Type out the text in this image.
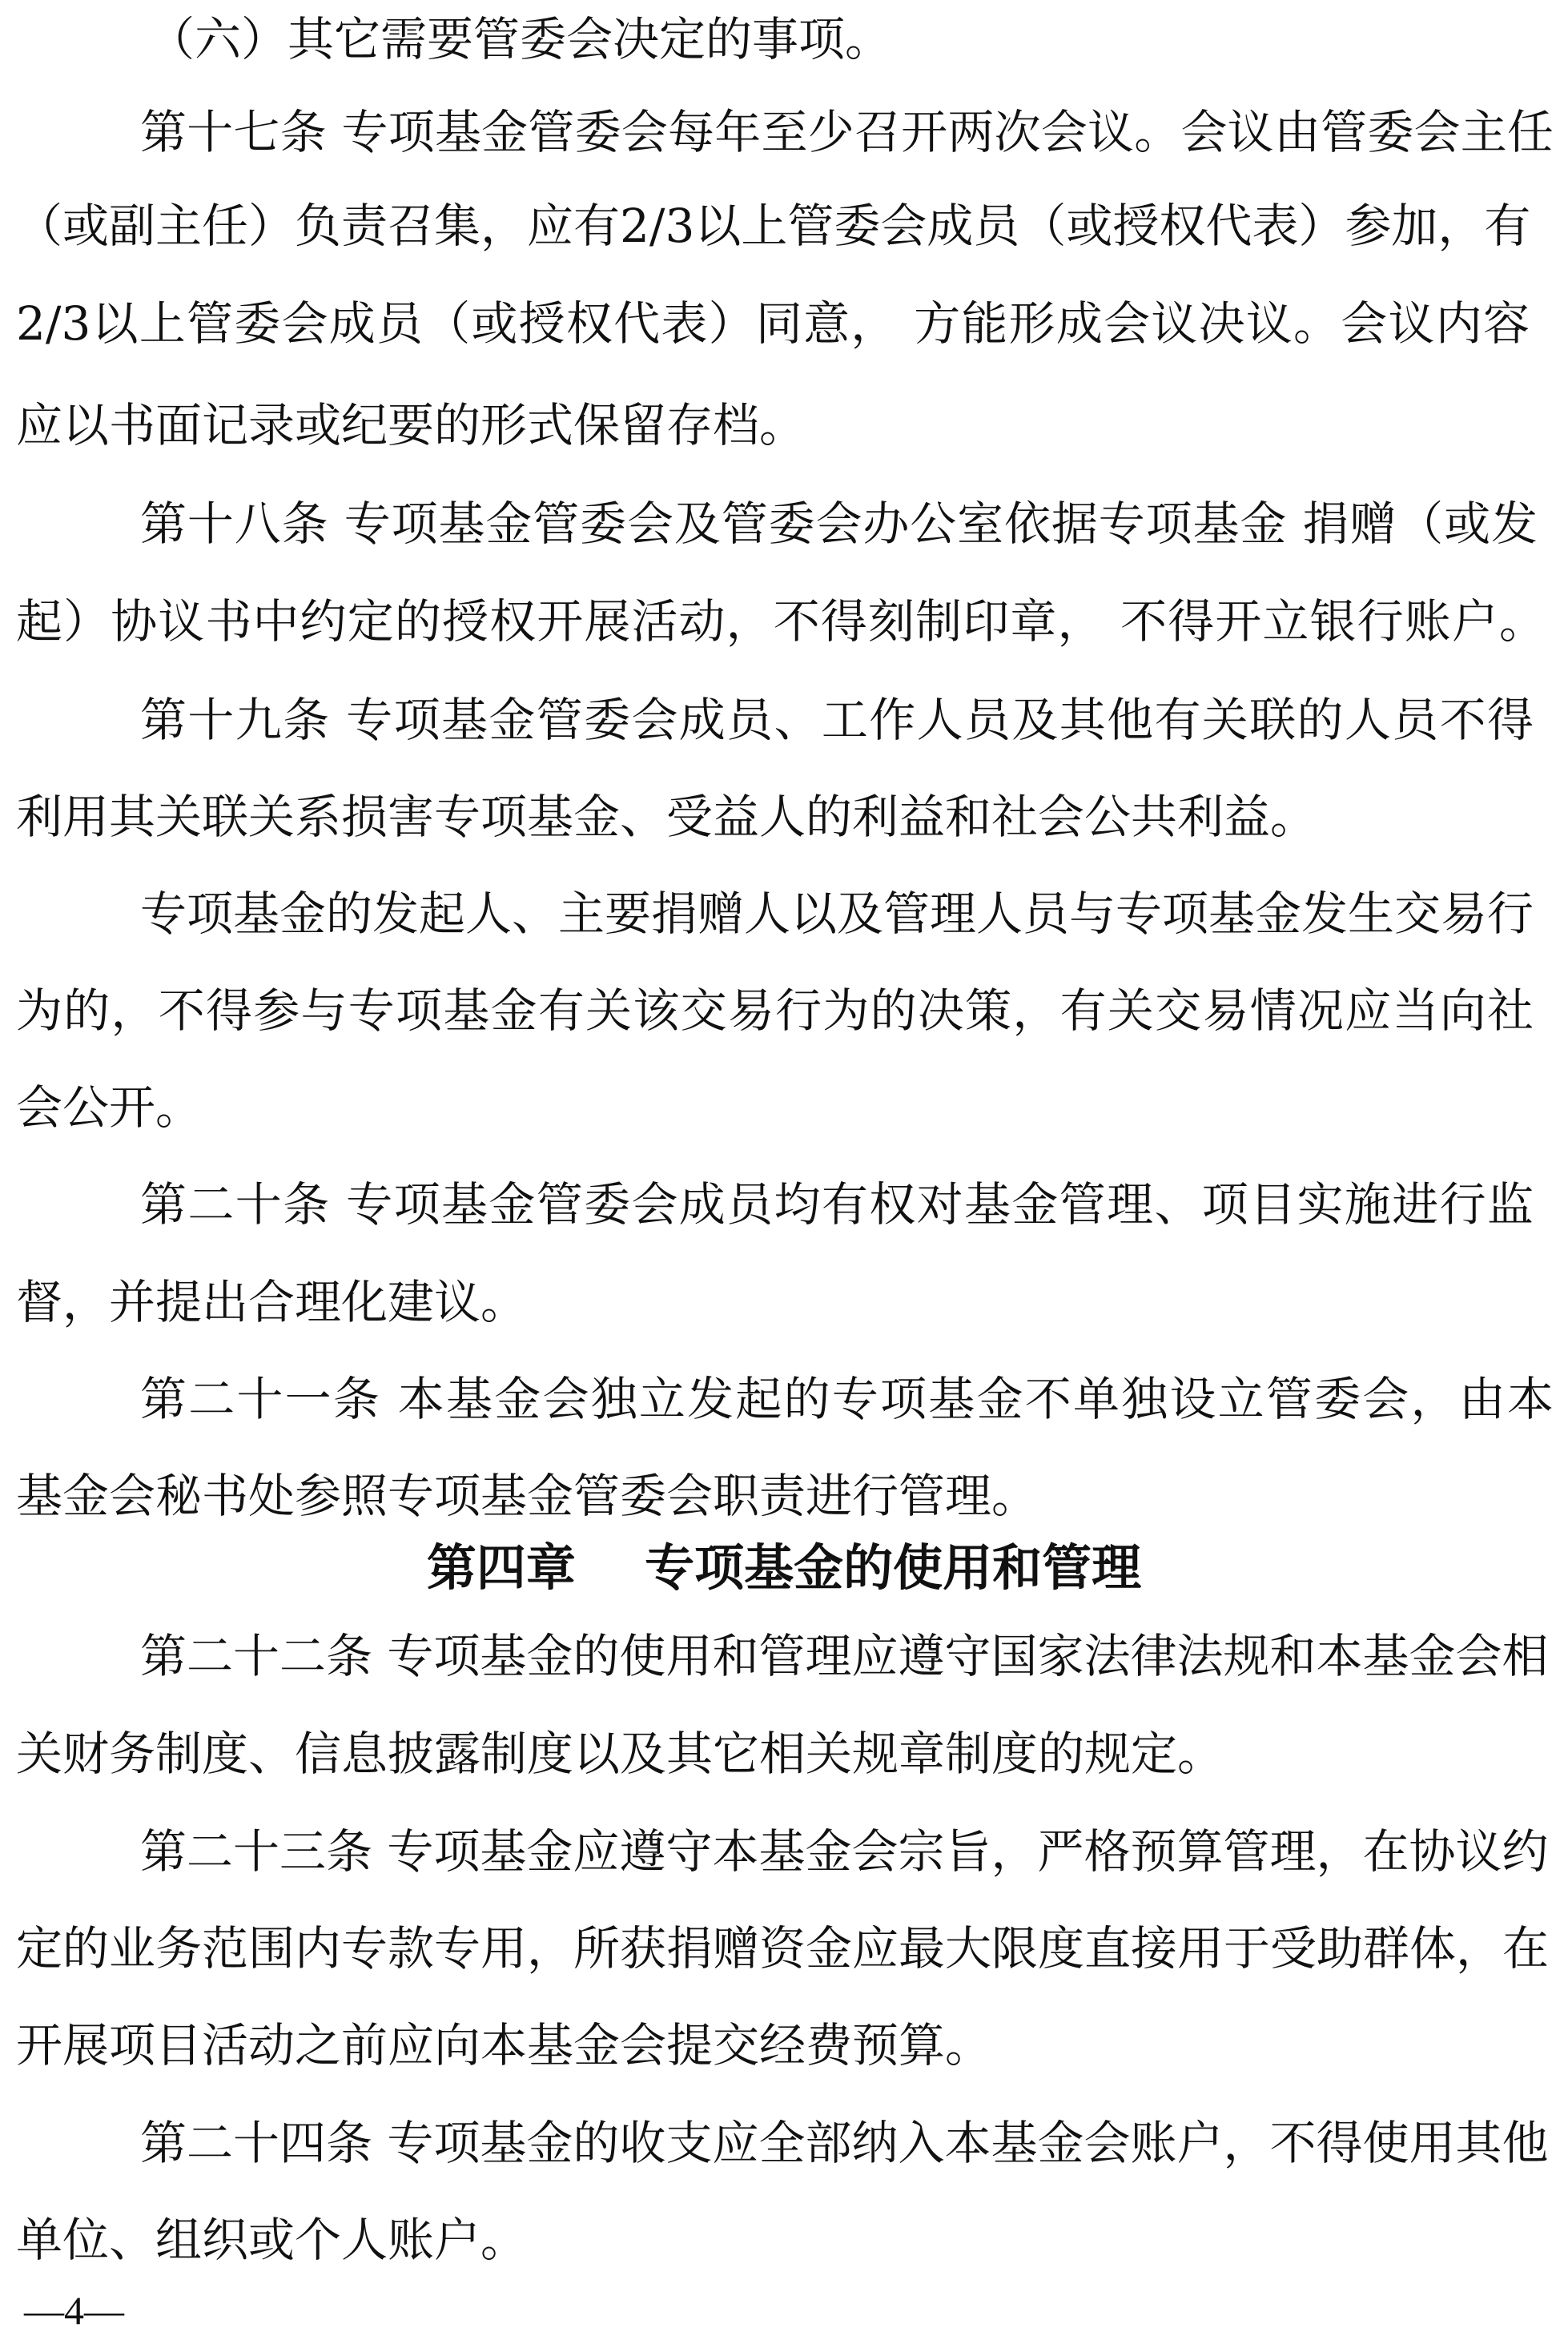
（六）其它需要管委会决定的事项。
第十七条 专项基金管委会每年至少召开两次会议。会议由管委会主任
（或副主任）负责召集，应有2/3以上管委会成员（或授权代表）参加，有
2/3以上管委会成员（或授权代表）同意， 方能形成会议决议。会议内容
应以书面记录或纪要的形式保留存档。
第十八条 专项基金管委会及管委会办公室依据专项基金 捐赠（或发
起）协议书中约定的授权开展活动，不得刻制印章， 不得开立银行账户。
第十九条 专项基金管委会成员、工作人员及其他有关联的人员不得
利用其关联关系损害专项基金、受益人的利益和社会公共利益。
专项基金的发起人、主要捐赠人以及管理人员与专项基金发生交易行
为的，不得参与专项基金有关该交易行为的决策，有关交易情况应当向社
会公开。
第二十条 专项基金管委会成员均有权对基金管理、项目实施进行监
督，并提出合理化建议。
第二十一条 本基金会独立发起的专项基金不单独设立管委会，由本
基金会秘书处参照专项基金管委会职责进行管理。
第四章    专项基金的使用和管理
第二十二条 专项基金的使用和管理应遵守国家法律法规和本基金会相
关财务制度、信息披露制度以及其它相关规章制度的规定。
第二十三条 专项基金应遵守本基金会宗旨，严格预算管理，在协议约
定的业务范围内专款专用，所获捐赠资金应最大限度直接用于受助群体，在
开展项目活动之前应向本基金会提交经费预算。
第二十四条 专项基金的收支应全部纳入本基金会账户，不得使用其他
单位、组织或个人账户。
—4—
